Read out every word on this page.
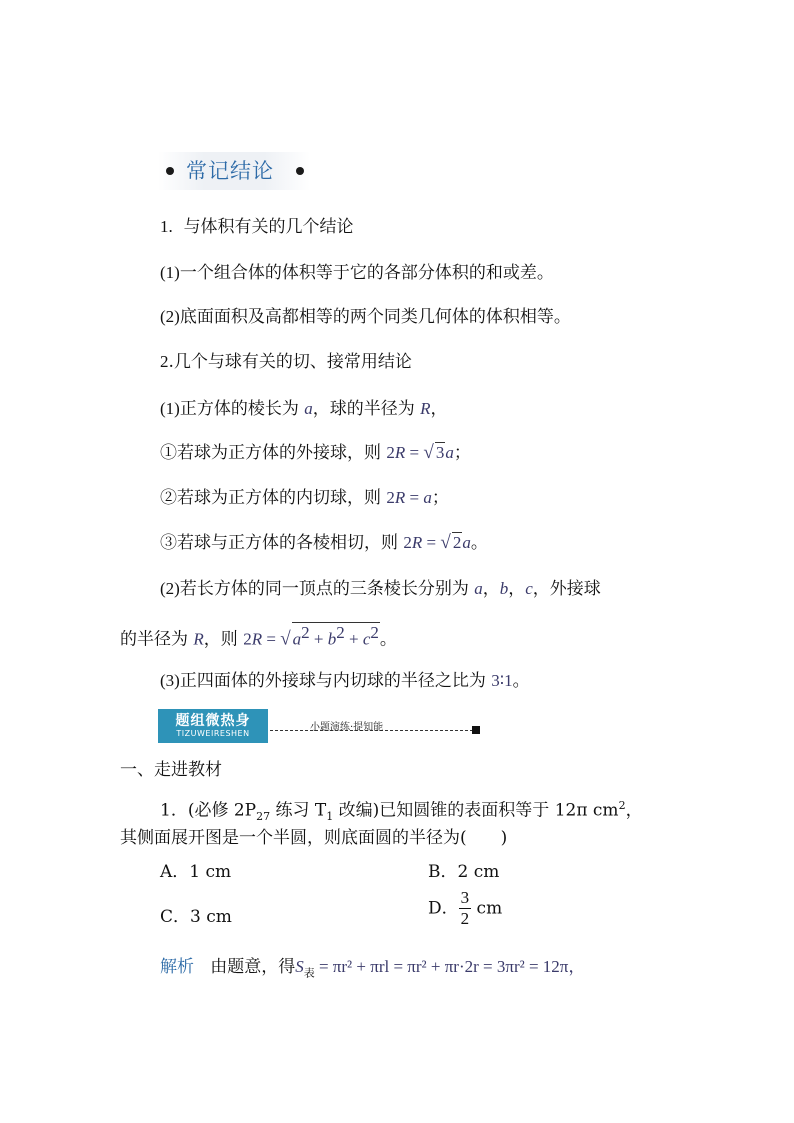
常记结论
1. 与体积有关的几个结论
(1)一个组合体的体积等于它的各部分体积的和或差。
(2)底面面积及高都相等的两个同类几何体的体积相等。
2.几个与球有关的切、接常用结论
(1)正方体的棱长为 a，球的半径为 R，
①若球为正方体的外接球，则 2R = √ 3a；
②若球为正方体的内切球，则 2R = a；
③若球与正方体的各棱相切，则 2R = √ 2a。
(2)若长方体的同一顶点的三条棱长分别为 a，b，c，外接球
的半径为 R，则 2R = √ $a^2 + b^2 + c^2$。
(3)正四面体的外接球与内切球的半径之比为 3∶1。
题组微热身
TIZUWEIRESHEN
小题演练·提知能
一、走进教材
1．(必修 $2P_{27}$ 练习 $T_1$ 改编)已知圆锥的表面积等于 12π $cm^2$，
其侧面展开图是一个半圆，则底面圆的半径为(　　)
A．1 cm	B．2 cm
C．3 cm	D． $\frac{3}{2}$ cm
解析 由题意，得$S_表 = \pi r^2 + \pi rl = \pi r^2 + \pi r\cdot 2r = 3\pi r^2 = 12\pi$，
